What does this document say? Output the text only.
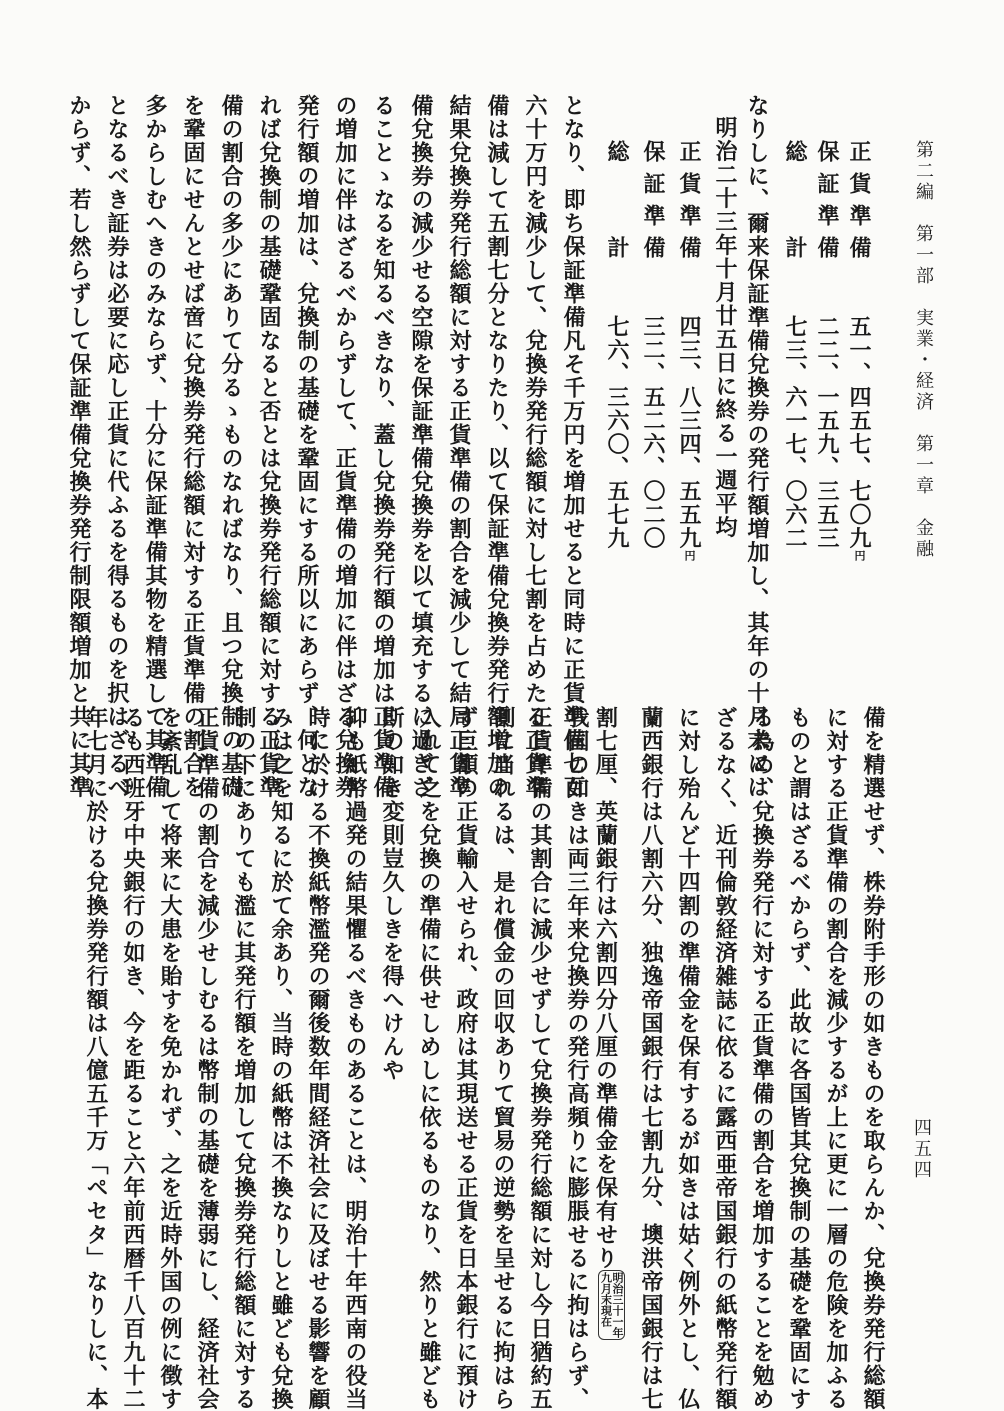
第二編　第一部　実業・経済　第一章　金融
四五四
正貨準備　　五一、四五七、七〇九円
保証準備　　二二、一五九、三五三
総　　計　　七三、六一七、〇六二
なりしに、爾来保証準備兌換券の発行額増加し、其年の十月末には
明治二十三年十月廿五日に終る一週平均
正貨準備　　四三、八三四、五五九円
保証準備　　三二、五二六、〇二〇
総　　計　　七六、三六〇、五七九
となり、即ち保証準備凡そ千万円を増加せると同時に正貨準備七百
六十万円を減少して、兌換券発行総額に対し七割を占めたる正貨準
備は減して五割七分となりたり、以て保証準備兌換券発行額増加の
結果兌換券発行総額に対する正貨準備の割合を減少して結局正貨準
備兌換券の減少せる空隙を保証準備兌換券を以て填充するに過ぎざ
ることゝなるを知るべきなり、蓋し兌換券発行額の増加は正貨準備
の増加に伴はざるべからずして、正貨準備の増加に伴はざる兌換券
発行額の増加は、兌換制の基礎を鞏固にする所以にあらず、何とな
れば兌換制の基礎鞏固なると否とは兌換券発行総額に対する正貨準
備の割合の多少にありて分るゝものなればなり、且つ兌換制の基礎
を鞏固にせんとせば啻に兌換券発行総額に対する正貨準備の割合を
多からしむへきのみならず、十分に保証準備其物を精選して其準備
となるべき証券は必要に応し正貨に代ふるを得るものを択はざるべ
からず、若し然らずして保証準備兌換券発行制限額増加と共に其準
備を精選せず、株券附手形の如きものを取らんか、兌換券発行総額
に対する正貨準備の割合を減少するが上に更に一層の危険を加ふる
ものと謂はざるべからず、此故に各国皆其兌換制の基礎を鞏固にす
る為め、兌換券発行に対する正貨準備の割合を増加することを勉め
ざるなく、近刊倫敦経済雑誌に依るに露西亜帝国銀行の紙幣発行額
に対し殆んど十四割の準備金を保有するが如きは姑く例外とし、仏
蘭西銀行は八割六分、独逸帝国銀行は七割九分、墺洪帝国銀行は七
割七厘、英蘭銀行は六割四分八厘の準備金を保有せり
明治三十一年
九月末現在
我国の如きは両三年来兌換券の発行高頻りに膨脹せるに拘はらず、
正貨準備の其割合に減少せずして兌換券発行総額に対し今日猶約五
割に当れるは、是れ償金の回収ありて貿易の逆勢を呈せるに拘はら
ず巨額の正貨輸入せられ、政府は其現送せる正貨を日本銀行に預け
入れて之を兌換の準備に供せしめしに依るものなり、然りと雖ども
斯の如き変則豈久しきを得へけんや
抑も紙幣過発の結果懼るべきものあることは、明治十年西南の役当
時に於ける不換紙幣濫発の爾後数年間経済社会に及ぼせる影響を顧
みは之を知るに於て余あり、当時の紙幣は不換なりしと雖ども兌換
制の下にありても濫に其発行額を増加して兌換券発行総額に対する
正貨準備の割合を減少せしむるは幣制の基礎を薄弱にし、経済社会
を紊乱して将来に大患を貽すを免かれず、之を近時外国の例に徴す
るも西班牙中央銀行の如き、今を距ること六年前西暦千八百九十二
年七月に於ける兌換券発行額は八億五千万「ペセタ」なりしに、本
